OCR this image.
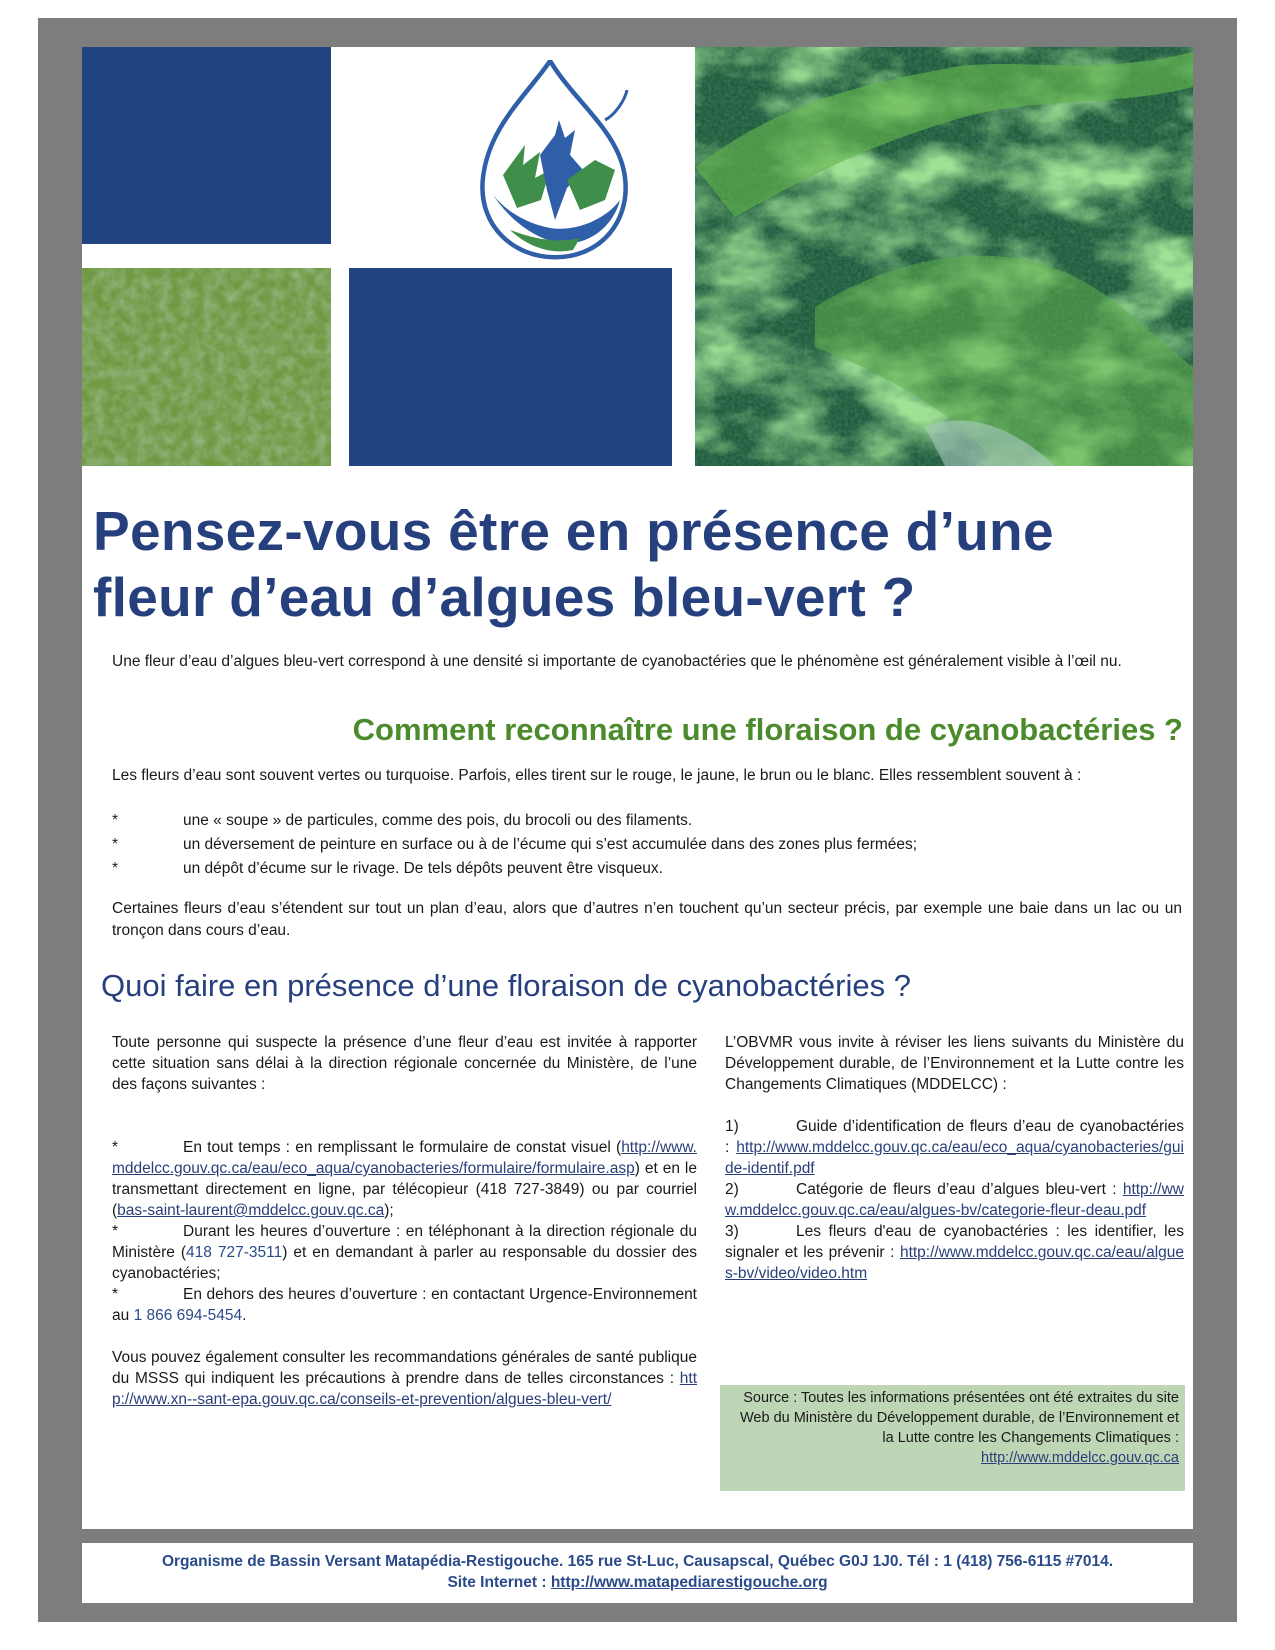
Pensez-vous être en présence d’une
fleur d’eau d’algues bleu-vert ?

Une fleur d’eau d’algues bleu-vert correspond à une densité si importante de cyanobactéries que le phénomène est généralement visible à l’œil nu.

Comment reconnaître une floraison de cyanobactéries ?

Les fleurs d’eau sont souvent vertes ou turquoise. Parfois, elles tirent sur le rouge, le jaune, le brun ou le blanc. Elles ressemblent souvent à :

*	une « soupe » de particules, comme des pois, du brocoli ou des filaments.
*	un déversement de peinture en surface ou à de l’écume qui s’est accumulée dans des zones plus fermées;
*	un dépôt d’écume sur le rivage. De tels dépôts peuvent être visqueux.

Certaines fleurs d’eau s’étendent sur tout un plan d’eau, alors que d’autres n’en touchent qu’un secteur précis, par exemple une baie dans un lac ou un tronçon dans cours d’eau.

Quoi faire en présence d’une floraison de cyanobactéries ?

Toute personne qui suspecte la présence d’une fleur d’eau est invitée à rapporter cette situation sans délai à la direction régionale concernée du Ministère, de l’une des façons suivantes :

*	En tout temps : en remplissant le formulaire de constat visuel (http://www.mddelcc.gouv.qc.ca/eau/eco_aqua/cyanobacteries/formulaire/formulaire.asp) et en le transmettant directement en ligne, par télécopieur (418 727-3849) ou par courriel (bas-saint-laurent@mddelcc.gouv.qc.ca);

*	Durant les heures d’ouverture : en téléphonant à la direction régionale du Ministère (418 727-3511) et en demandant à parler au responsable du dossier des cyanobactéries;

*	En dehors des heures d’ouverture : en contactant Urgence-Environnement au 1 866 694-5454.

Vous pouvez également consulter les recommandations générales de santé publique du MSSS qui indiquent les précautions à prendre dans de telles circonstances : http://www.xn--sant-epa.gouv.qc.ca/conseils-et-prevention/algues-bleu-vert/

L’OBVMR vous invite à réviser les liens suivants du Ministère du Développement durable, de l’Environnement et la Lutte contre les Changements Climatiques (MDDELCC) :

1)	Guide d’identification de fleurs d’eau de cyanobactéries : http://www.mddelcc.gouv.qc.ca/eau/eco_aqua/cyanobacteries/guide-identif.pdf

2)	Catégorie de fleurs d’eau d’algues bleu-vert : http://www.mddelcc.gouv.qc.ca/eau/algues-bv/categorie-fleur-deau.pdf

3)	Les fleurs d'eau de cyanobactéries : les identifier, les signaler et les prévenir : http://www.mddelcc.gouv.qc.ca/eau/algues-bv/video/video.htm

Source : Toutes les informations présentées ont été extraites du site Web du Ministère du Développement durable, de l’Environnement et la Lutte contre les Changements Climatiques :
http://www.mddelcc.gouv.qc.ca

Organisme de Bassin Versant Matapédia-Restigouche. 165 rue St-Luc, Causapscal, Québec G0J 1J0. Tél : 1 (418) 756-6115 #7014.

Site Internet : http://www.matapediarestigouche.org
